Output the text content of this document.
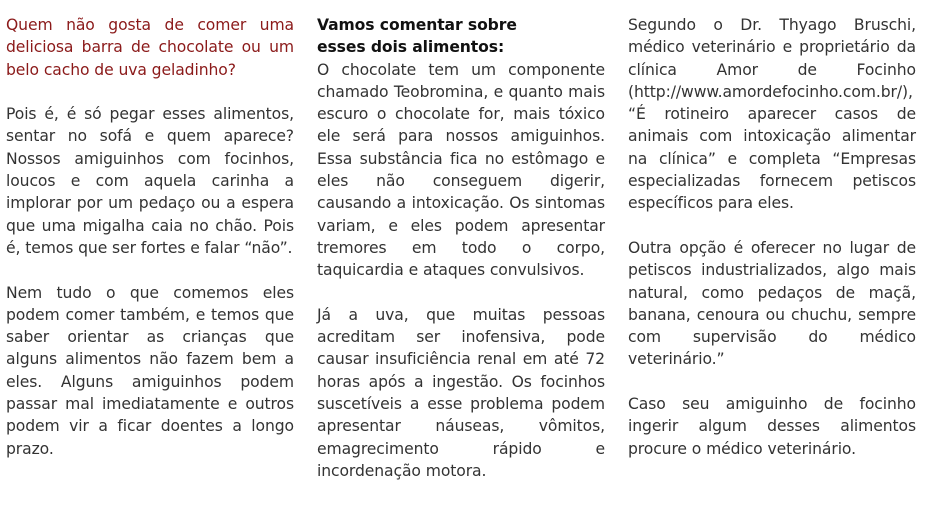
Quem não gosta de comer uma deliciosa barra de chocolate ou um belo cacho de uva geladinho?

Pois é, é só pegar esses alimentos, sentar no sofá e quem aparece? Nossos amiguinhos com focinhos, loucos e com aquela carinha a implorar por um pedaço ou a espera que uma migalha caia no chão. Pois é, temos que ser fortes e falar “não”.

Nem tudo o que comemos eles podem comer também, e temos que saber orientar as crianças que alguns alimentos não fazem bem a eles. Alguns amiguinhos podem passar mal imediatamente e outros podem vir a ficar doentes a longo prazo.

Vamos comentar sobre
esses dois alimentos:

O chocolate tem um componente chamado Teobromina, e quanto mais escuro o chocolate for, mais tóxico ele será para nossos amiguinhos. Essa substância fica no estômago e eles não conseguem digerir, causando a intoxicação. Os sintomas variam, e eles podem apresentar tremores em todo o corpo, taquicardia e ataques convulsivos.

Já a uva, que muitas pessoas acreditam ser inofensiva, pode causar insuficiência renal em até 72 horas após a ingestão. Os focinhos suscetíveis a esse problema podem apresentar náuseas, vômitos, emagrecimento rápido e incordenação motora.

Segundo o Dr. Thyago Bruschi, médico veterinário e proprietário da clínica Amor de Focinho (http://www.amordefocinho.com.br/), “É rotineiro aparecer casos de animais com intoxicação alimentar na clínica” e completa “Empresas especializadas fornecem petiscos específicos para eles.

Outra opção é oferecer no lugar de petiscos industrializados, algo mais natural, como pedaços de maçã, banana, cenoura ou chuchu, sempre com supervisão do médico veterinário.”

Caso seu amiguinho de focinho ingerir algum desses alimentos procure o médico veterinário.
